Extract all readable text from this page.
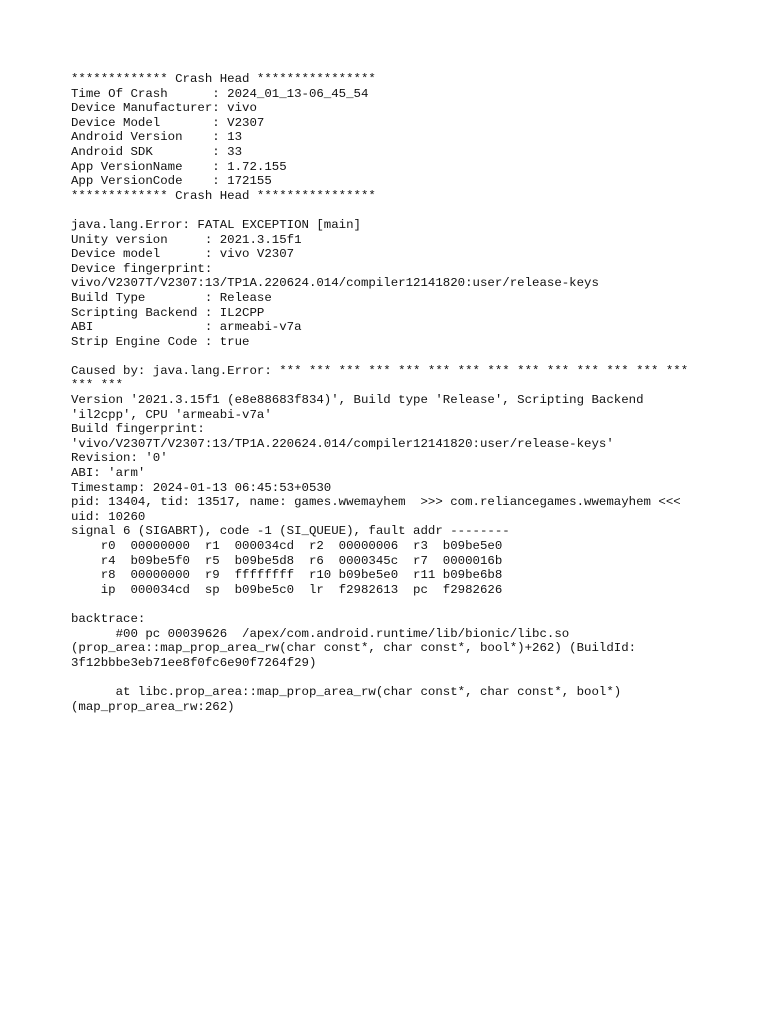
************* Crash Head ****************
Time Of Crash      : 2024_01_13-06_45_54
Device Manufacturer: vivo
Device Model       : V2307
Android Version    : 13
Android SDK        : 33
App VersionName    : 1.72.155
App VersionCode    : 172155
************* Crash Head ****************
java.lang.Error: FATAL EXCEPTION [main]
Unity version     : 2021.3.15f1
Device model      : vivo V2307
Device fingerprint:
vivo/V2307T/V2307:13/TP1A.220624.014/compiler12141820:user/release-keys
Build Type        : Release
Scripting Backend : IL2CPP
ABI               : armeabi-v7a
Strip Engine Code : true
Caused by: java.lang.Error: *** *** *** *** *** *** *** *** *** *** *** *** *** ***
*** ***
Version '2021.3.15f1 (e8e88683f834)', Build type 'Release', Scripting Backend
'il2cpp', CPU 'armeabi-v7a'
Build fingerprint:
'vivo/V2307T/V2307:13/TP1A.220624.014/compiler12141820:user/release-keys'
Revision: '0'
ABI: 'arm'
Timestamp: 2024-01-13 06:45:53+0530
pid: 13404, tid: 13517, name: games.wwemayhem  >>> com.reliancegames.wwemayhem <<<
uid: 10260
signal 6 (SIGABRT), code -1 (SI_QUEUE), fault addr --------
r0  00000000  r1  000034cd  r2  00000006  r3  b09be5e0
r4  b09be5f0  r5  b09be5d8  r6  0000345c  r7  0000016b
r8  00000000  r9  ffffffff  r10 b09be5e0  r11 b09be6b8
ip  000034cd  sp  b09be5c0  lr  f2982613  pc  f2982626
backtrace:
#00 pc 00039626  /apex/com.android.runtime/lib/bionic/libc.so
(prop_area::map_prop_area_rw(char const*, char const*, bool*)+262) (BuildId:
3f12bbbe3eb71ee8f0fc6e90f7264f29)
at libc.prop_area::map_prop_area_rw(char const*, char const*, bool*)
(map_prop_area_rw:262)
